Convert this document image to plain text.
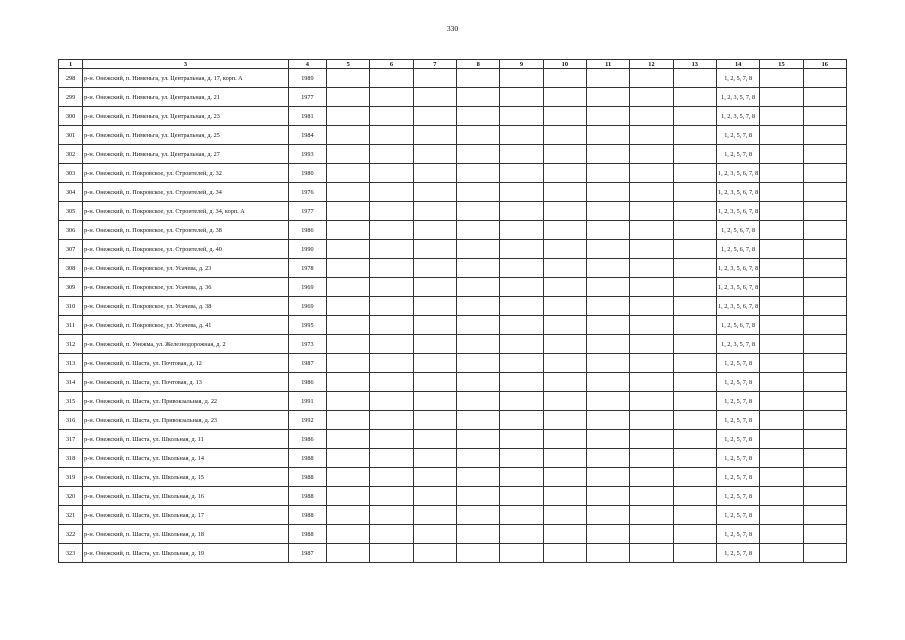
330
1	3	4	5	6	7	8	9	10	11	12	13	14	15	16
298	р-н. Онежский, п. Нименьга, ул. Центральная, д. 17, корп. А	1989										1, 2, 5, 7, 8		
299	р-н. Онежский, п. Нименьга, ул. Центральная, д. 21	1977										1, 2, 3, 5, 7, 8		
300	р-н. Онежский, п. Нименьга, ул. Центральная, д. 23	1981										1, 2, 3, 5, 7, 8		
301	р-н. Онежский, п. Нименьга, ул. Центральная, д. 25	1984										1, 2, 5, 7, 8		
302	р-н. Онежский, п. Нименьга, ул. Центральная, д. 27	1993										1, 2, 5, 7, 8		
303	р-н. Онежский, п. Покровское, ул. Строителей, д. 32	1980										1, 2, 3, 5, 6, 7, 8		
304	р-н. Онежский, п. Покровское, ул. Строителей, д. 34	1976										1, 2, 3, 5, 6, 7, 8		
305	р-н. Онежский, п. Покровское, ул. Строителей, д. 34, корп. А	1977										1, 2, 3, 5, 6, 7, 8		
306	р-н. Онежский, п. Покровское, ул. Строителей, д. 38	1986										1, 2, 5, 6, 7, 8		
307	р-н. Онежский, п. Покровское, ул. Строителей, д. 40	1990										1, 2, 5, 6, 7, 8		
308	р-н. Онежский, п. Покровское, ул. Усачева, д. 23	1978										1, 2, 3, 5, 6, 7, 8		
309	р-н. Онежский, п. Покровское, ул. Усачева, д. 36	1969										1, 2, 3, 5, 6, 7, 8		
310	р-н. Онежский, п. Покровское, ул. Усачева, д. 38	1969										1, 2, 3, 5, 6, 7, 8		
311	р-н. Онежский, п. Покровское, ул. Усачева, д. 41	1995										1, 2, 5, 6, 7, 8		
312	р-н. Онежский, п. Унежма, ул. Железнодорожная, д. 2	1973										1, 2, 3, 5, 7, 8		
313	р-н. Онежский, п. Шаста, ул. Почтовая, д. 12	1987										1, 2, 5, 7, 8		
314	р-н. Онежский, п. Шаста, ул. Почтовая, д. 13	1986										1, 2, 5, 7, 8		
315	р-н. Онежский, п. Шаста, ул. Привокзальная, д. 22	1991										1, 2, 5, 7, 8		
316	р-н. Онежский, п. Шаста, ул. Привокзальная, д. 23	1992										1, 2, 5, 7, 8		
317	р-н. Онежский, п. Шаста, ул. Школьная, д. 11	1986										1, 2, 5, 7, 8		
318	р-н. Онежский, п. Шаста, ул. Школьная, д. 14	1988										1, 2, 5, 7, 8		
319	р-н. Онежский, п. Шаста, ул. Школьная, д. 15	1988										1, 2, 5, 7, 8		
320	р-н. Онежский, п. Шаста, ул. Школьная, д. 16	1988										1, 2, 5, 7, 8		
321	р-н. Онежский, п. Шаста, ул. Школьная, д. 17	1988										1, 2, 5, 7, 8		
322	р-н. Онежский, п. Шаста, ул. Школьная, д. 18	1988										1, 2, 5, 7, 8		
323	р-н. Онежский, п. Шаста, ул. Школьная, д. 19	1987										1, 2, 5, 7, 8		
